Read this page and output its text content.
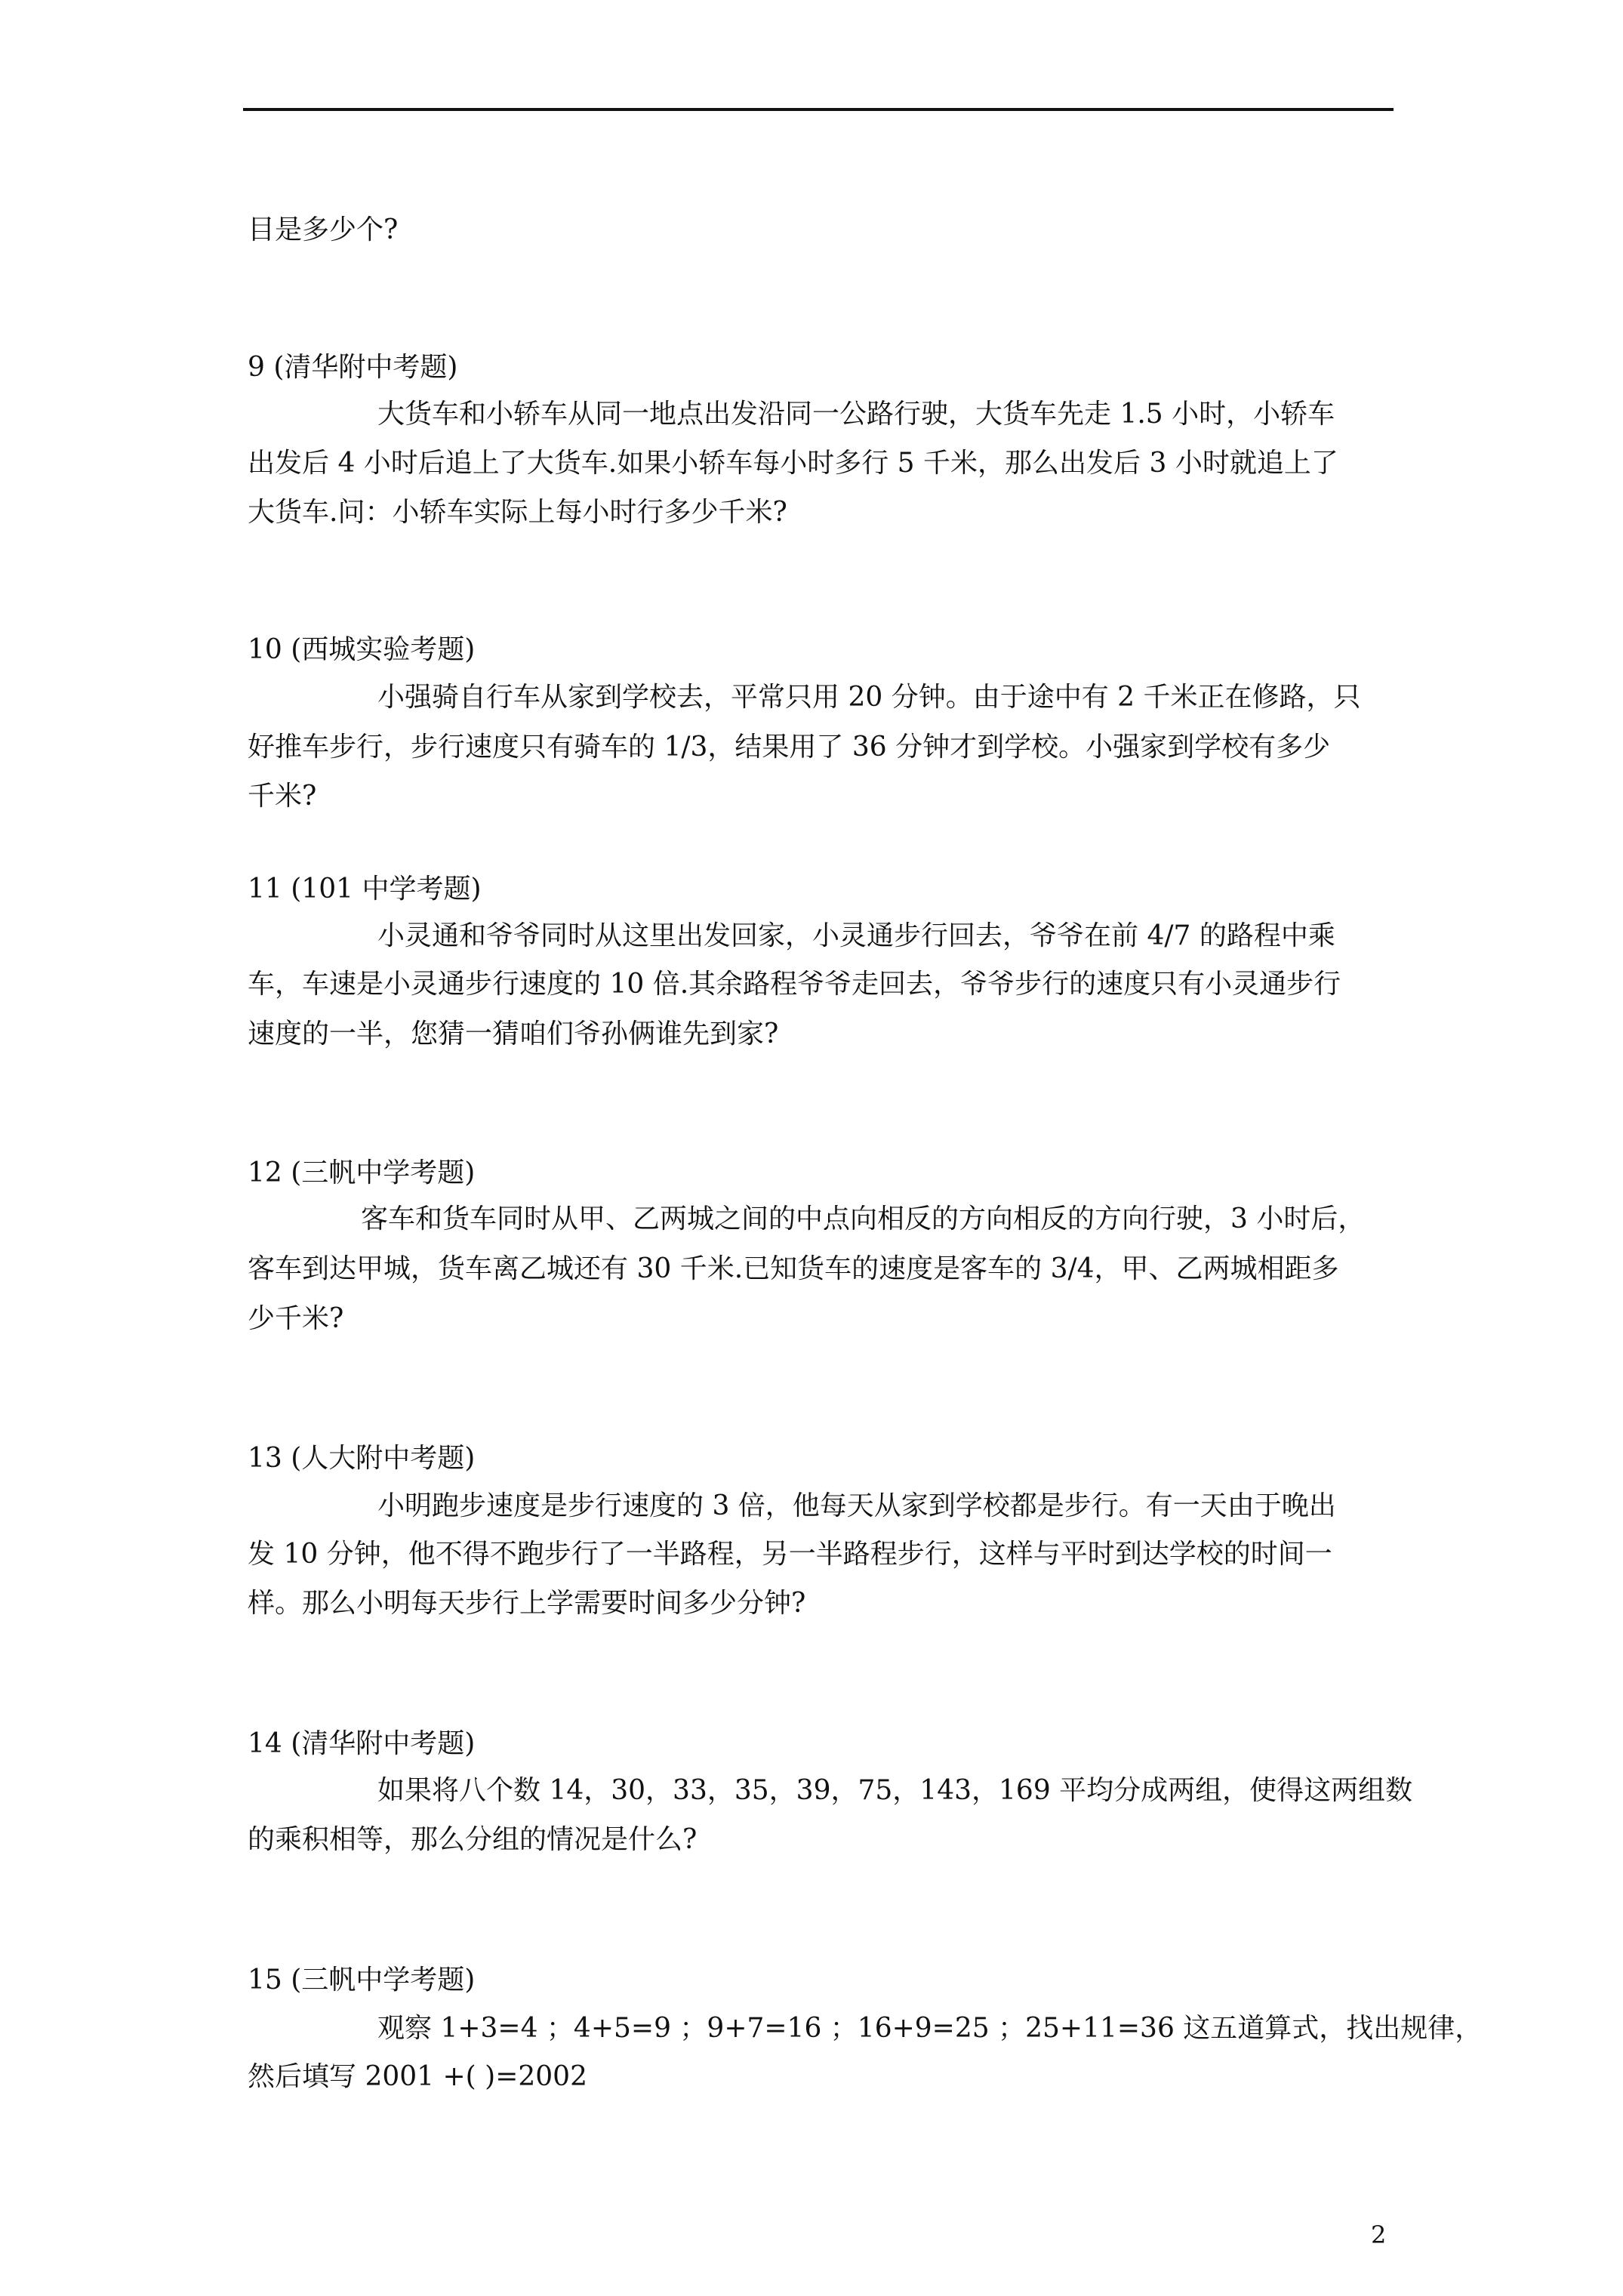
目是多少个?
9 (清华附中考题)
大货车和小轿车从同一地点出发沿同一公路行驶，大货车先走 1.5 小时，小轿车
出发后 4 小时后追上了大货车.如果小轿车每小时多行 5 千米，那么出发后 3 小时就追上了
大货车.问：小轿车实际上每小时行多少千米?
10 (西城实验考题)
小强骑自行车从家到学校去，平常只用 20 分钟。由于途中有 2 千米正在修路，只
好推车步行，步行速度只有骑车的 1/3，结果用了 36 分钟才到学校。小强家到学校有多少
千米?
11 (101 中学考题)
小灵通和爷爷同时从这里出发回家，小灵通步行回去，爷爷在前 4/7 的路程中乘
车，车速是小灵通步行速度的 10 倍.其余路程爷爷走回去，爷爷步行的速度只有小灵通步行
速度的一半，您猜一猜咱们爷孙俩谁先到家?
12 (三帆中学考题)
客车和货车同时从甲、乙两城之间的中点向相反的方向相反的方向行驶，3 小时后，
客车到达甲城，货车离乙城还有 30 千米.已知货车的速度是客车的 3/4，甲、乙两城相距多
少千米?
13 (人大附中考题)
小明跑步速度是步行速度的 3 倍，他每天从家到学校都是步行。有一天由于晚出
发 10 分钟，他不得不跑步行了一半路程，另一半路程步行，这样与平时到达学校的时间一
样。那么小明每天步行上学需要时间多少分钟?
14 (清华附中考题)
如果将八个数 14，30，33，35，39，75，143，169 平均分成两组，使得这两组数
的乘积相等，那么分组的情况是什么?
15 (三帆中学考题)
观察 1+3=4 ；4+5=9 ；9+7=16 ；16+9=25 ；25+11=36 这五道算式，找出规律，
然后填写 2001 +( )=2002
2
